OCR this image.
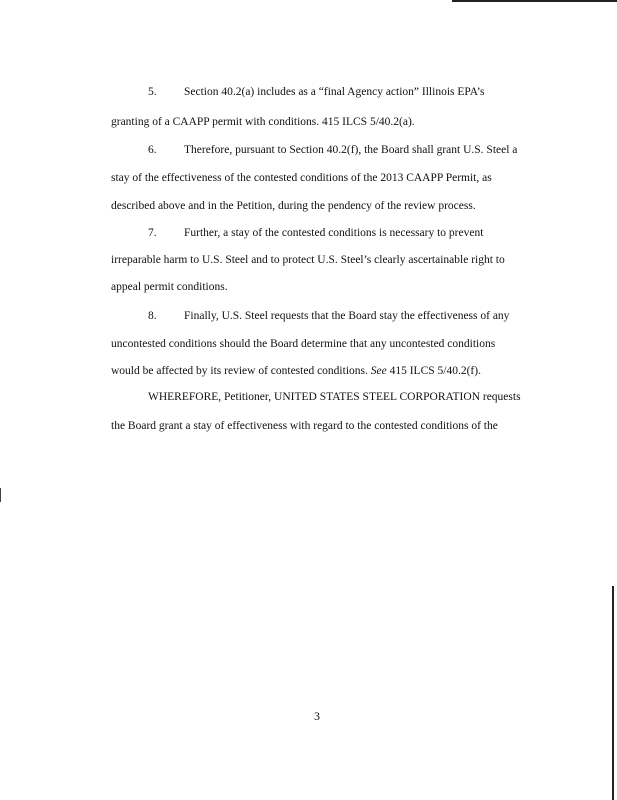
5. Section 40.2(a) includes as a “final Agency action” Illinois EPA’s
granting of a CAAPP permit with conditions. 415 ILCS 5/40.2(a).
6. Therefore, pursuant to Section 40.2(f), the Board shall grant U.S. Steel a
stay of the effectiveness of the contested conditions of the 2013 CAAPP Permit, as
described above and in the Petition, during the pendency of the review process.
7. Further, a stay of the contested conditions is necessary to prevent
irreparable harm to U.S. Steel and to protect U.S. Steel’s clearly ascertainable right to
appeal permit conditions.
8. Finally, U.S. Steel requests that the Board stay the effectiveness of any
uncontested conditions should the Board determine that any uncontested conditions
would be affected by its review of contested conditions. See 415 ILCS 5/40.2(f).
WHEREFORE, Petitioner, UNITED STATES STEEL CORPORATION requests
the Board grant a stay of effectiveness with regard to the contested conditions of the
3
